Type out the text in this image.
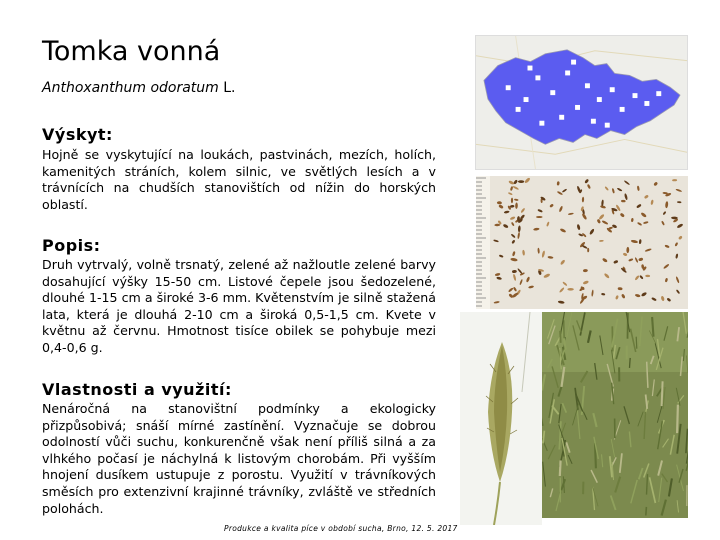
Tomka vonná
Anthoxanthum odoratum L.
Výskyt:
Hojně se vyskytující na loukách, pastvinách, mezích, holích, kamenitých stráních, kolem silnic, ve světlých lesích a v trávnících na chudších stanovištích od nížin do horských oblastí.
Popis:
Druh vytrvalý, volně trsnatý, zelené až nažloutle zelené barvy dosahující výšky 15-50 cm. Listové čepele jsou šedozelené, dlouhé 1-15 cm a široké 3-6 mm. Květenstvím je silně stažená lata, která je dlouhá 2-10 cm a široká 0,5-1,5 cm. Kvete v květnu až červnu. Hmotnost tisíce obilek se pohybuje mezi 0,4-0,6 g.
Vlastnosti a využití:
Nenáročná na stanovištní podmínky a ekologicky přizpůsobivá; snáší mírné zastínění. Vyznačuje se dobrou odolností vůči suchu, konkurenčně však není příliš silná a za vlhkého počasí je náchylná k listovým chorobám. Při vyšším hnojení dusíkem ustupuje z porostu. Využití v trávníkových směsích pro extenzivní krajinné trávníky, zvláště ve středních polohách.
Produkce a kvalita píce v období sucha, Brno, 12. 5. 2017
